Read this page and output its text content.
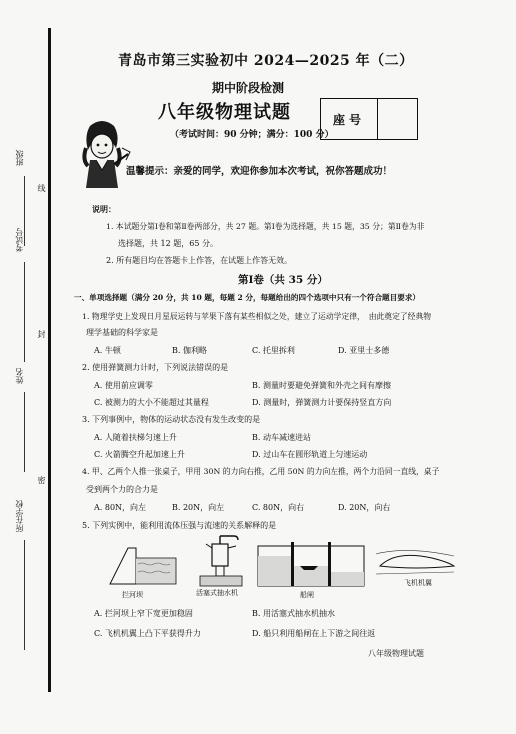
班级
考试号
姓名
所在学校
线
封
密
青岛市第三实验初中 2024—2025 年（二）
期中阶段检测
八年级物理试题
（考试时间：90 分钟；满分：100 分）
座号
温馨提示：亲爱的同学，欢迎你参加本次考试，祝你答题成功！
说明：
1. 本试题分第Ⅰ卷和第Ⅱ卷两部分，共 27 题。第Ⅰ卷为选择题，共 15 题，35 分；第Ⅱ卷为非
选择题，共 12 题，65 分。
2. 所有题目均在答题卡上作答，在试题上作答无效。
第Ⅰ卷（共 35 分）
一、单项选择题（满分 20 分，共 10 题，每题 2 分，每题给出的四个选项中只有一个符合题目要求）
1. 物理学史上发现日月星辰运转与苹果下落有某些相似之处，建立了运动学定律，　由此奠定了经典物
理学基础的科学家是
A. 牛顿	B. 伽利略	C. 托里拆利	D. 亚里士多德
2. 使用弹簧测力计时，下列说法错误的是
A. 使用前应调零	B. 测量时要避免弹簧和外壳之间有摩擦
C. 被测力的大小不能超过其量程	D. 测量时，弹簧测力计要保持竖直方向
3. 下列事例中，物体的运动状态没有发生改变的是
A. 人随着扶梯匀速上升	B. 动车减速进站
C. 火箭腾空升起加速上升	D. 过山车在圆形轨道上匀速运动
4. 甲、乙两个人推一张桌子，甲用 30N 的力向右推，乙用 50N 的力向左推，两个力沿同一直线，桌子
受到两个力的合力是
A. 80N，向左	B. 20N，向左	C. 80N，向右	D. 20N，向右
5. 下列实例中，能利用流体压强与流速的关系解释的是
拦河坝	活塞式抽水机	船闸
飞机机翼
A. 拦河坝上窄下宽更加稳固	B. 用活塞式抽水机抽水
C. 飞机机翼上凸下平获得升力	D. 船只利用船闸在上下游之间往返
八年级物理试题
